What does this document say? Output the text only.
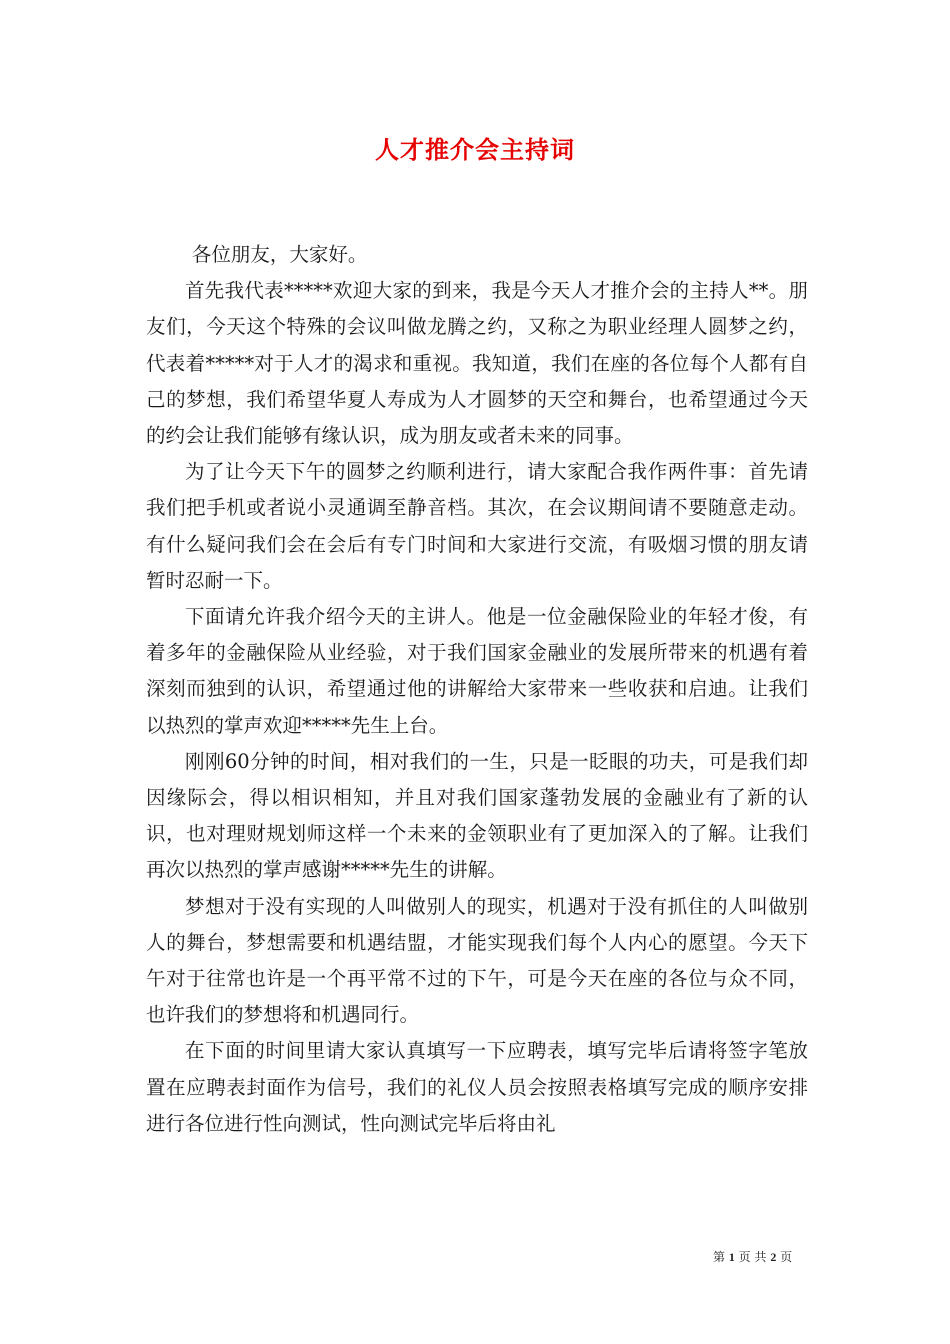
人才推介会主持词

各位朋友，大家好。

首先我代表*****欢迎大家的到来，我是今天人才推介会的主持人**。朋友们，今天这个特殊的会议叫做龙腾之约，又称之为职业经理人圆梦之约，代表着*****对于人才的渴求和重视。我知道，我们在座的各位每个人都有自己的梦想，我们希望华夏人寿成为人才圆梦的天空和舞台，也希望通过今天的约会让我们能够有缘认识，成为朋友或者未来的同事。

为了让今天下午的圆梦之约顺利进行，请大家配合我作两件事：首先请我们把手机或者说小灵通调至静音档。其次，在会议期间请不要随意走动。有什么疑问我们会在会后有专门时间和大家进行交流，有吸烟习惯的朋友请暂时忍耐一下。

下面请允许我介绍今天的主讲人。他是一位金融保险业的年轻才俊，有着多年的金融保险从业经验，对于我们国家金融业的发展所带来的机遇有着深刻而独到的认识，希望通过他的讲解给大家带来一些收获和启迪。让我们以热烈的掌声欢迎*****先生上台。

刚刚60分钟的时间，相对我们的一生，只是一眨眼的功夫，可是我们却因缘际会，得以相识相知，并且对我们国家蓬勃发展的金融业有了新的认识，也对理财规划师这样一个未来的金领职业有了更加深入的了解。让我们再次以热烈的掌声感谢*****先生的讲解。

梦想对于没有实现的人叫做别人的现实，机遇对于没有抓住的人叫做别人的舞台，梦想需要和机遇结盟，才能实现我们每个人内心的愿望。今天下午对于往常也许是一个再平常不过的下午，可是今天在座的各位与众不同，也许我们的梦想将和机遇同行。

在下面的时间里请大家认真填写一下应聘表，填写完毕后请将签字笔放置在应聘表封面作为信号，我们的礼仪人员会按照表格填写完成的顺序安排进行各位进行性向测试，性向测试完毕后将由礼

第 1 页 共 2 页
